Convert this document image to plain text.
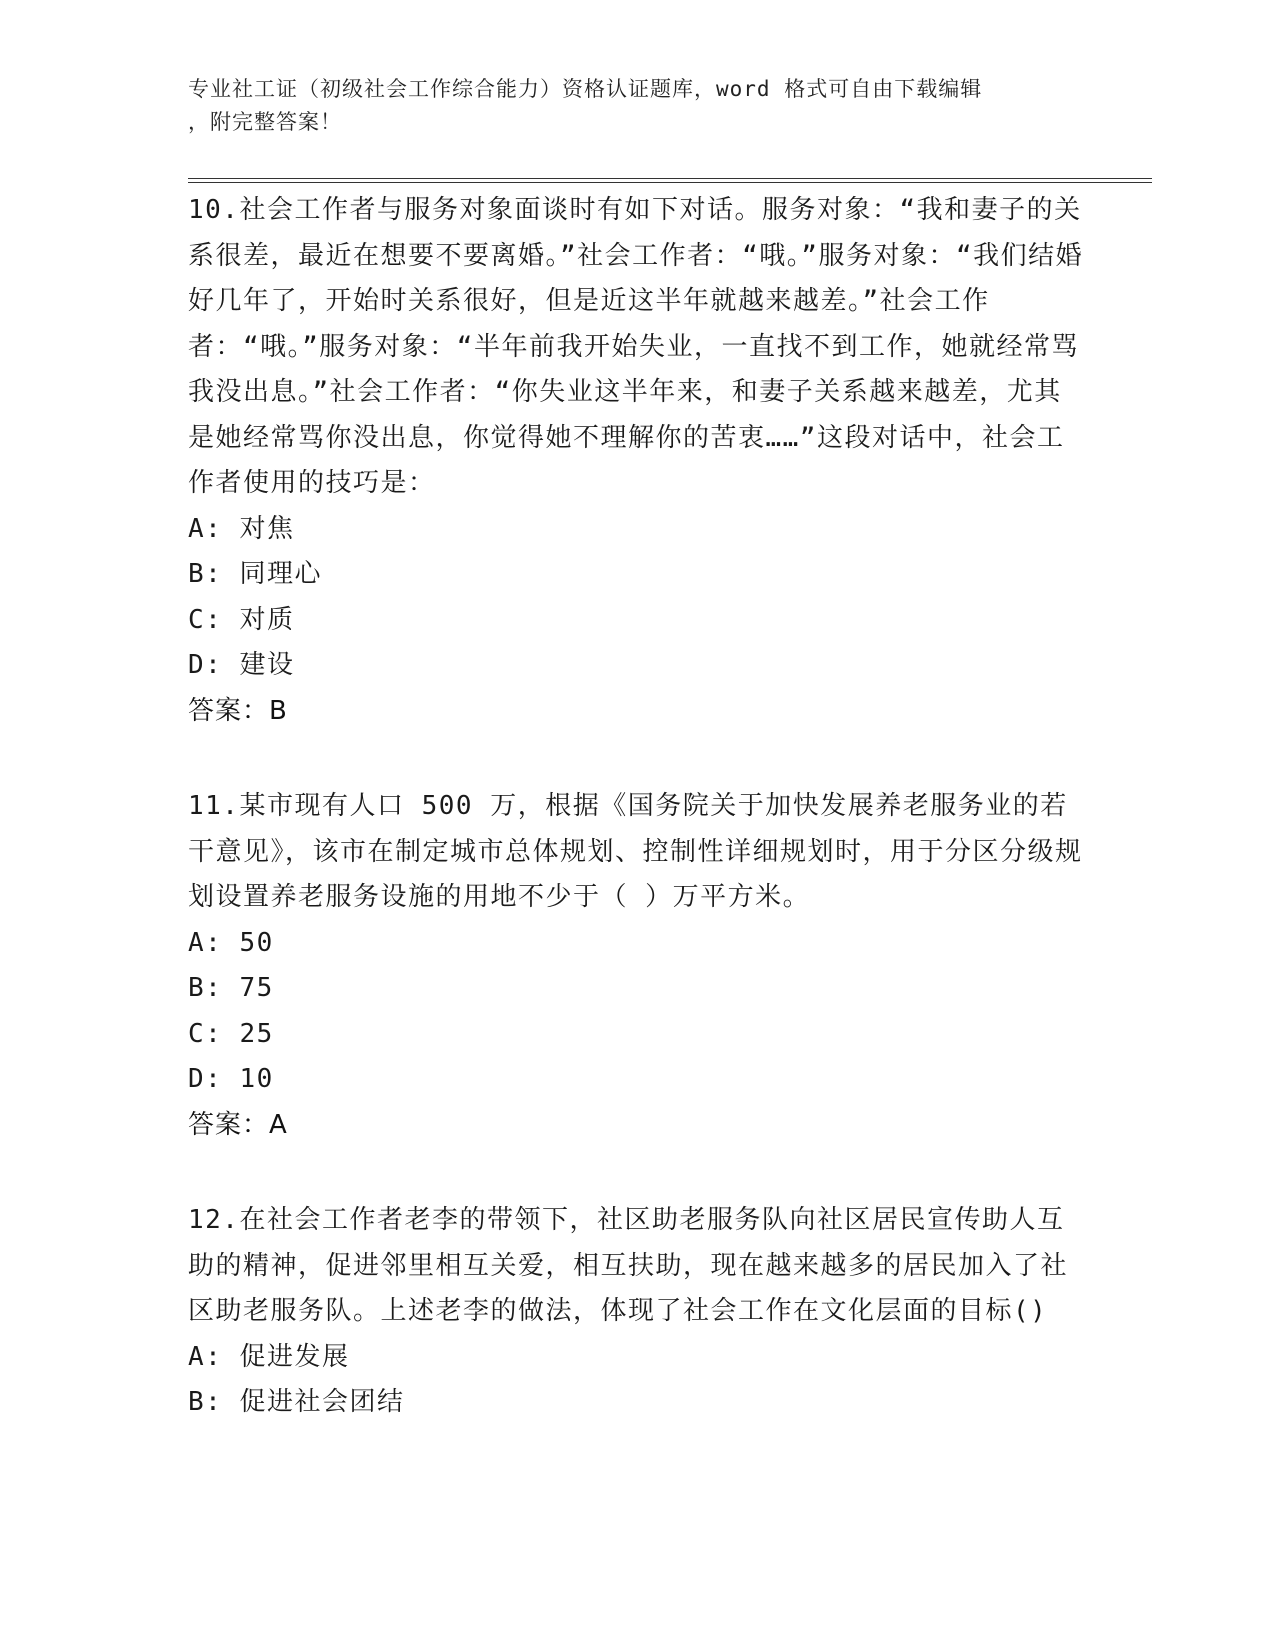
专业社工证（初级社会工作综合能力）资格认证题库，word 格式可自由下载编辑
，附完整答案！
10.社会工作者与服务对象面谈时有如下对话。服务对象：“我和妻子的关系很差，最近在想要不要离婚。”社会工作者：“哦。”服务对象：“我们结婚好几年了，开始时关系很好，但是近这半年就越来越差。”社会工作者：“哦。”服务对象：“半年前我开始失业，一直找不到工作，她就经常骂我没出息。”社会工作者：“你失业这半年来，和妻子关系越来越差，尤其是她经常骂你没出息，你觉得她不理解你的苦衷……”这段对话中，社会工作者使用的技巧是：
A: 对焦
B: 同理心
C: 对质
D: 建设
答案：B
11.某市现有人口 500 万，根据《国务院关于加快发展养老服务业的若干意见》，该市在制定城市总体规划、控制性详细规划时，用于分区分级规划设置养老服务设施的用地不少于（ ）万平方米。
A: 50
B: 75
C: 25
D: 10
答案：A
12.在社会工作者老李的带领下，社区助老服务队向社区居民宣传助人互助的精神，促进邻里相互关爱，相互扶助，现在越来越多的居民加入了社区助老服务队。上述老李的做法，体现了社会工作在文化层面的目标()
A: 促进发展
B: 促进社会团结
